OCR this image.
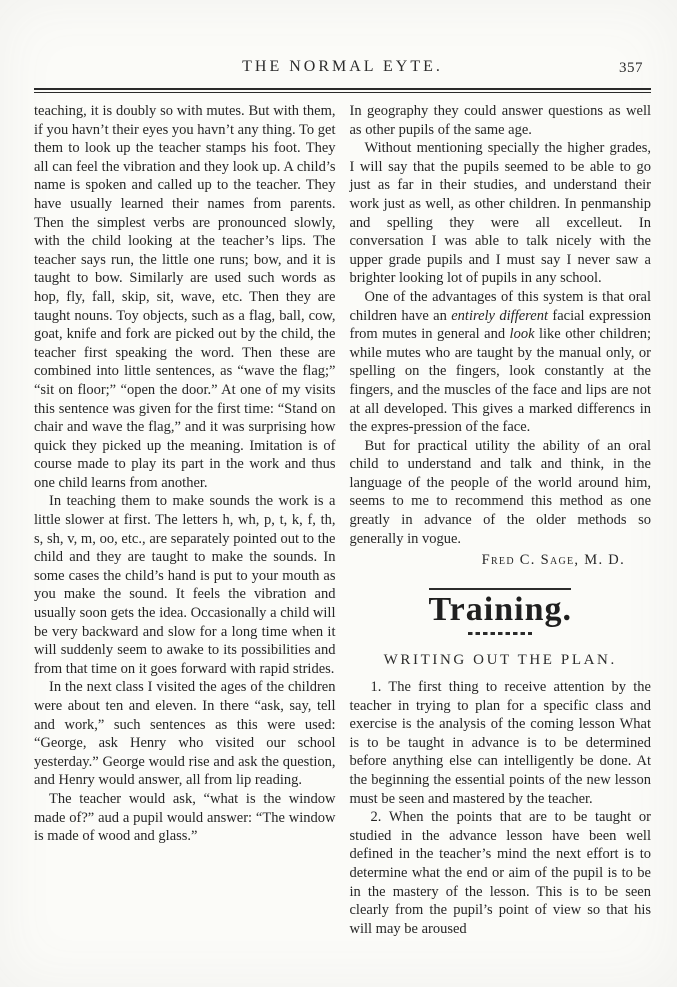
THE NORMAL EYTE.	357

teaching, it is doubly so with mutes. But with them, if you havn’t their eyes you havn’t any thing. To get them to look up the teacher stamps his foot. They all can feel the vibration and they look up. A child’s name is spoken and called up to the teacher. They have usually learned their names from parents. Then the simplest verbs are pronounced slowly, with the child looking at the teacher’s lips. The teacher says run, the little one runs; bow, and it is taught to bow. Similarly are used such words as hop, fly, fall, skip, sit, wave, etc. Then they are taught nouns. Toy objects, such as a flag, ball, cow, goat, knife and fork are picked out by the child, the teacher first speaking the word. Then these are combined into little sentences, as “wave the flag;” “sit on floor;” “open the door.” At one of my visits this sentence was given for the first time: “Stand on chair and wave the flag,” and it was surprising how quick they picked up the meaning. Imitation is of course made to play its part in the work and thus one child learns from another.

In teaching them to make sounds the work is a little slower at first. The letters h, wh, p, t, k, f, th, s, sh, v, m, oo, etc., are separately pointed out to the child and they are taught to make the sounds. In some cases the child’s hand is put to your mouth as you make the sound. It feels the vibration and usually soon gets the idea. Occasionally a child will be very backward and slow for a long time when it will suddenly seem to awake to its possibilities and from that time on it goes forward with rapid strides.

In the next class I visited the ages of the children were about ten and eleven. In there “ask, say, tell and work,” such sentences as this were used: “George, ask Henry who visited our school yesterday.” George would rise and ask the question, and Henry would answer, all from lip reading.

The teacher would ask, “what is the window made of?” aud a pupil would answer: “The window is made of wood and glass.”

In geography they could answer questions as well as other pupils of the same age.

Without mentioning specially the higher grades, I will say that the pupils seemed to be able to go just as far in their studies, and understand their work just as well, as other children. In penmanship and spelling they were all excelleut. In conversation I was able to talk nicely with the upper grade pupils and I must say I never saw a brighter looking lot of pupils in any school.

One of the advantages of this system is that oral children have an entirely different facial expression from mutes in general and look like other children; while mutes who are taught by the manual only, or spelling on the fingers, look constantly at the fingers, and the muscles of the face and lips are not at all developed. This gives a marked differencs in the expres-pression of the face.

But for practical utility the ability of an oral child to understand and talk and think, in the language of the people of the world around him, seems to me to recommend this method as one greatly in advance of the older methods so generally in vogue.

Fred C. Sage, M. D.

Training.
WRITING OUT THE PLAN.

1. The first thing to receive attention by the teacher in trying to plan for a specific class and exercise is the analysis of the coming lesson What is to be taught in advance is to be determined before anything else can intelligently be done. At the beginning the essential points of the new lesson must be seen and mastered by the teacher.

2. When the points that are to be taught or studied in the advance lesson have been well defined in the teacher’s mind the next effort is to determine what the end or aim of the pupil is to be in the mastery of the lesson. This is to be seen clearly from the pupil’s point of view so that his will may be aroused
